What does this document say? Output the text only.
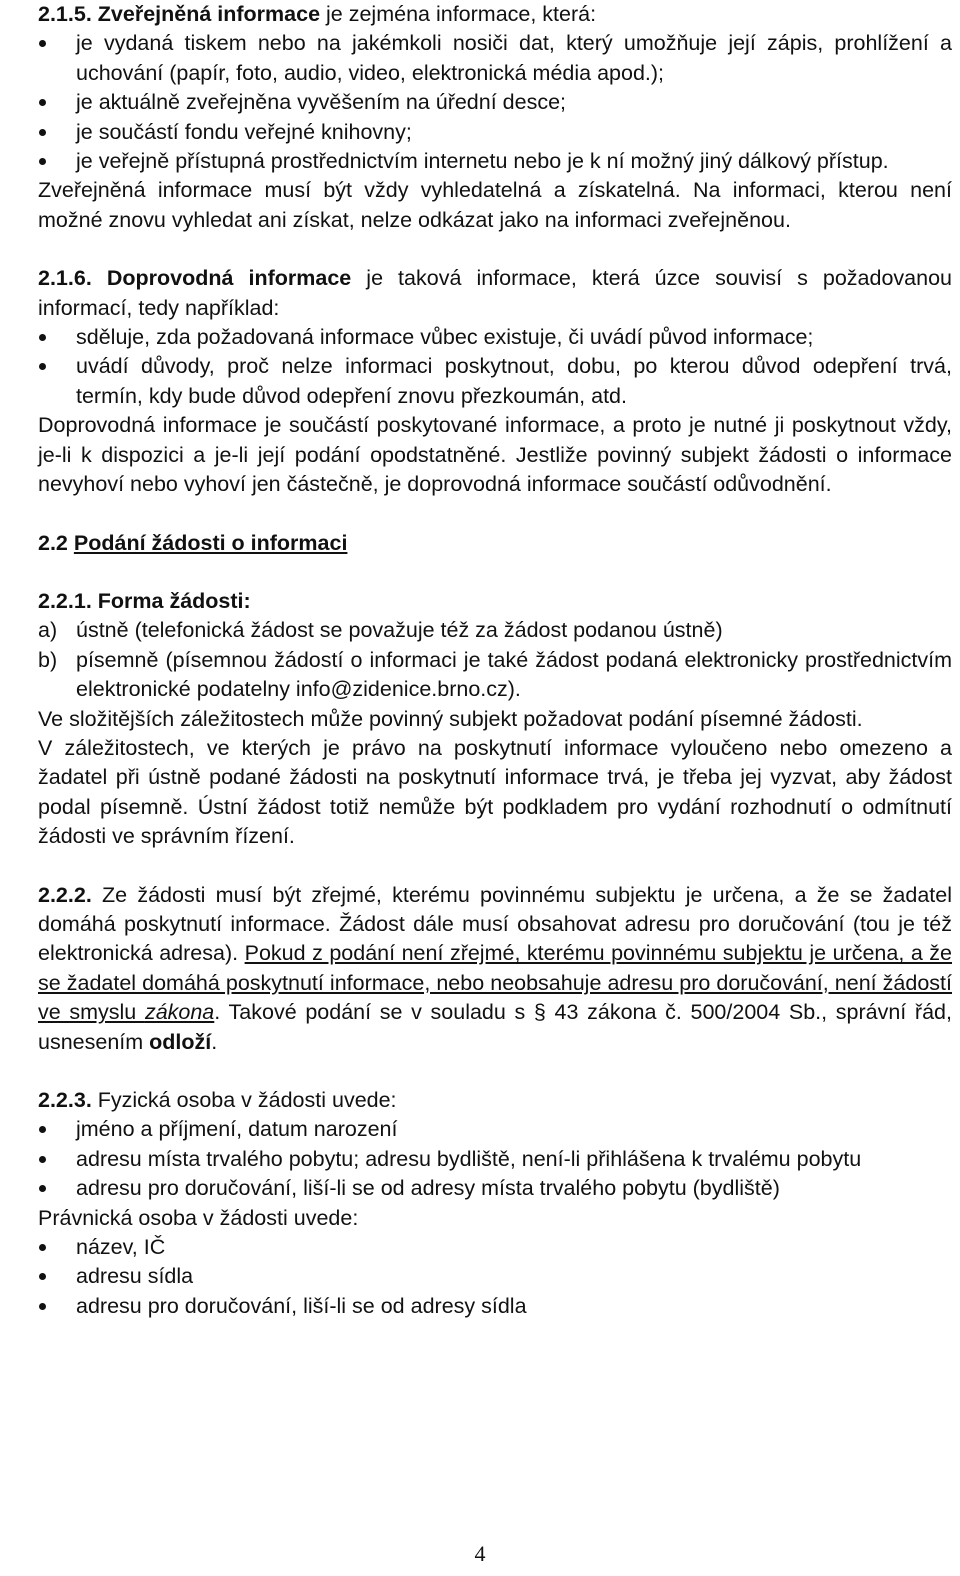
2.1.5. Zveřejněná informace je zejména informace, která:

je vydaná tiskem nebo na jakémkoli nosiči dat, který umožňuje její zápis, prohlížení a uchování (papír, foto, audio, video, elektronická média apod.);
je aktuálně zveřejněna vyvěšením na úřední desce;
je součástí fondu veřejné knihovny;
je veřejně přístupná prostřednictvím internetu nebo je k ní možný jiný dálkový přístup.

Zveřejněná informace musí být vždy vyhledatelná a získatelná. Na informaci, kterou není možné znovu vyhledat ani získat, nelze odkázat jako na informaci zveřejněnou.

2.1.6. Doprovodná informace je taková informace, která úzce souvisí s požadovanou informací, tedy například:

sděluje, zda požadovaná informace vůbec existuje, či uvádí původ informace;
uvádí důvody, proč nelze informaci poskytnout, dobu, po kterou důvod odepření trvá, termín, kdy bude důvod odepření znovu přezkoumán, atd.

Doprovodná informace je součástí poskytované informace, a proto je nutné ji poskytnout vždy, je-li k dispozici a je-li její podání opodstatněné. Jestliže povinný subjekt žádosti o informace nevyhoví nebo vyhoví jen částečně, je doprovodná informace součástí odůvodnění.

2.2 Podání žádosti o informaci

2.2.1. Forma žádosti:

a) ústně (telefonická žádost se považuje též za žádost podanou ústně)
b) písemně (písemnou žádostí o informaci je také žádost podaná elektronicky prostřednictvím elektronické podatelny info@zidenice.brno.cz).

Ve složitějších záležitostech může povinný subjekt požadovat podání písemné žádosti.

V záležitostech, ve kterých je právo na poskytnutí informace vyloučeno nebo omezeno a žadatel při ústně podané žádosti na poskytnutí informace trvá, je třeba jej vyzvat, aby žádost podal písemně. Ústní žádost totiž nemůže být podkladem pro vydání rozhodnutí o odmítnutí žádosti ve správním řízení.

2.2.2. Ze žádosti musí být zřejmé, kterému povinnému subjektu je určena, a že se žadatel domáhá poskytnutí informace. Žádost dále musí obsahovat adresu pro doručování (tou je též elektronická adresa). Pokud z podání není zřejmé, kterému povinnému subjektu je určena, a že se žadatel domáhá poskytnutí informace, nebo neobsahuje adresu pro doručování, není žádostí ve smyslu zákona. Takové podání se v souladu s § 43 zákona č. 500/2004 Sb., správní řád, usnesením odloží.

2.2.3. Fyzická osoba v žádosti uvede:

jméno a příjmení, datum narození
adresu místa trvalého pobytu; adresu bydliště, není-li přihlášena k trvalému pobytu
adresu pro doručování, liší-li se od adresy místa trvalého pobytu (bydliště)

Právnická osoba v žádosti uvede:

název, IČ
adresu sídla
adresu pro doručování, liší-li se od adresy sídla
4
